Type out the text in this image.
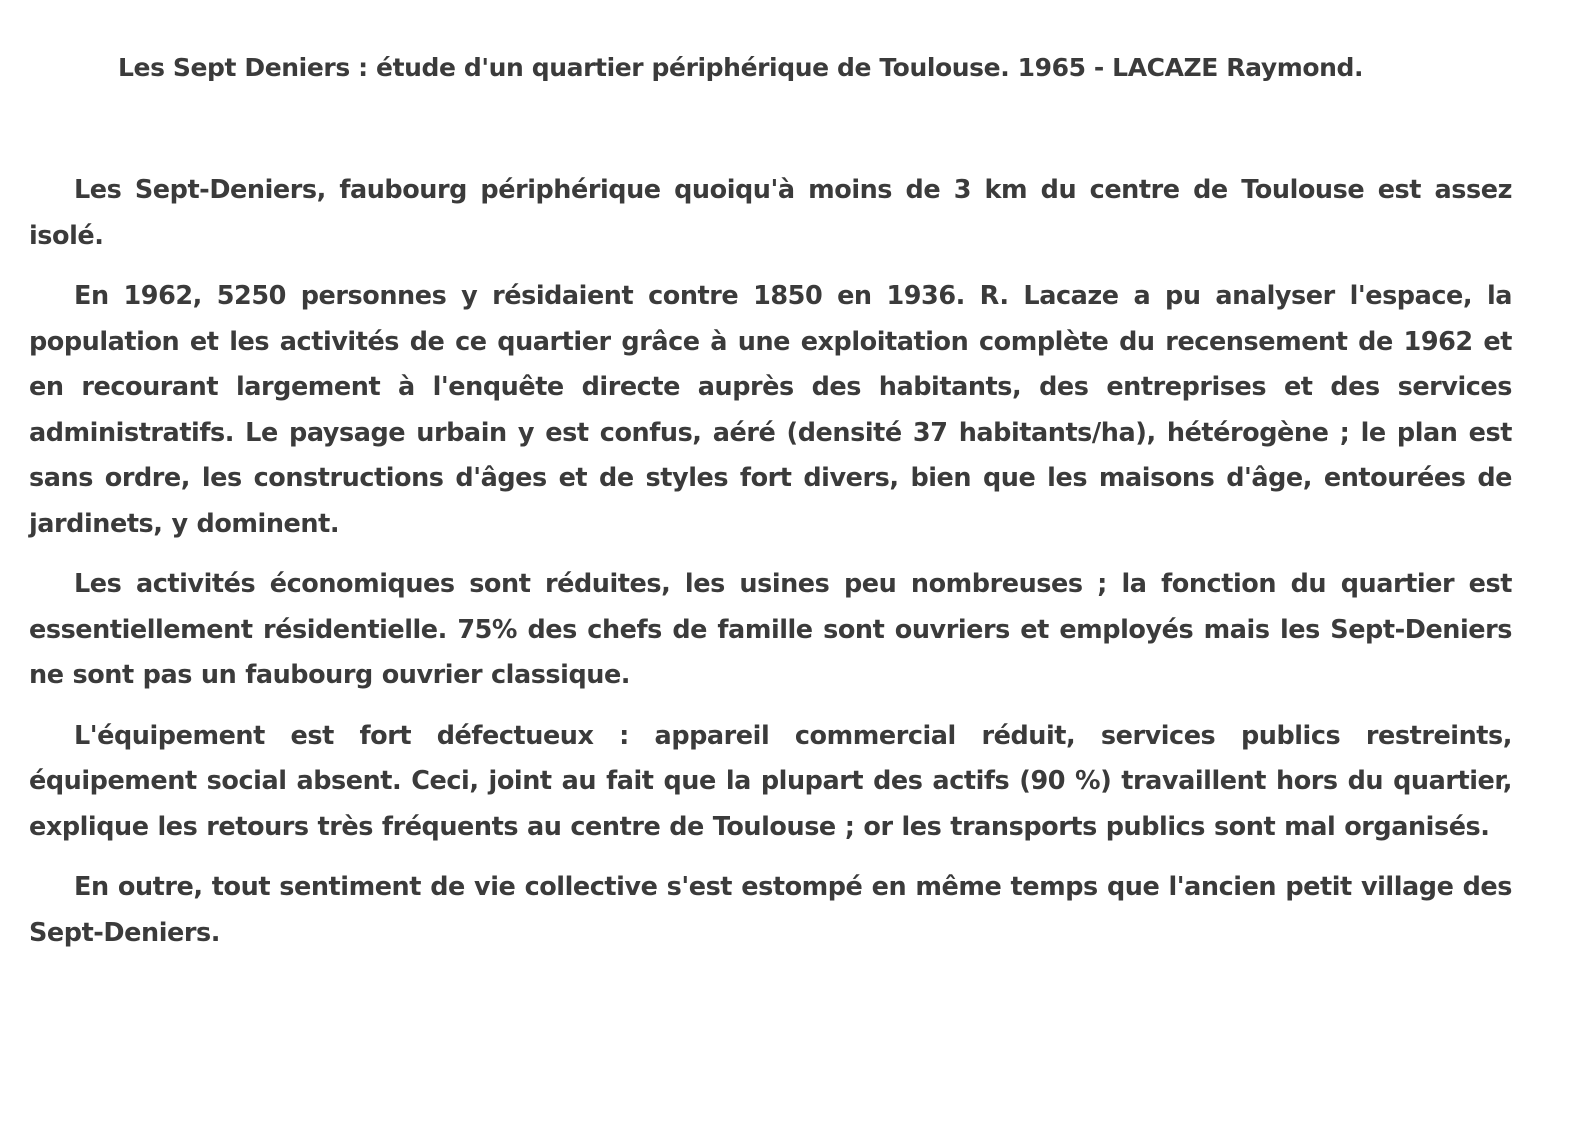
Les Sept Deniers : étude d'un quartier périphérique de Toulouse. 1965 - LACAZE Raymond.

Les Sept-Deniers, faubourg périphérique quoiqu'à moins de 3 km du centre de Toulouse est assez isolé.

En 1962, 5250 personnes y résidaient contre 1850 en 1936. R. Lacaze a pu analyser l'espace, la population et les activités de ce quartier grâce à une exploitation complète du recensement de 1962 et en recourant largement à l'enquête directe auprès des habitants, des entreprises et des services administratifs. Le paysage urbain y est confus, aéré (densité 37 habitants/ha), hétérogène ; le plan est sans ordre, les constructions d'âges et de styles fort divers, bien que les maisons d'âge, entourées de jardinets, y dominent.

Les activités économiques sont réduites, les usines peu nombreuses ; la fonction du quartier est essentiellement résidentielle. 75% des chefs de famille sont ouvriers et employés mais les Sept-Deniers ne sont pas un faubourg ouvrier classique.

L'équipement est fort défectueux : appareil commercial réduit, services publics restreints, équipement social absent. Ceci, joint au fait que la plupart des actifs (90 %) travaillent hors du quartier, explique les retours très fréquents au centre de Toulouse ; or les transports publics sont mal organisés.

En outre, tout sentiment de vie collective s'est estompé en même temps que l'ancien petit village des Sept-Deniers.
